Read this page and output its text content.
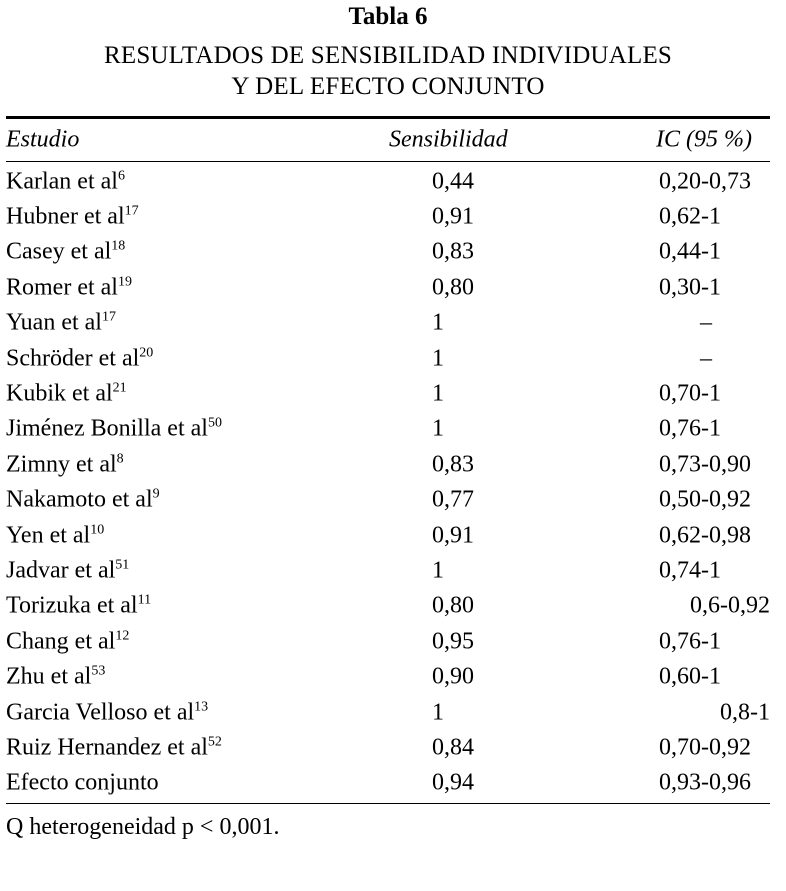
Tabla 6
RESULTADOS DE SENSIBILIDAD INDIVIDUALES
Y DEL EFECTO CONJUNTO
Estudio	Sensibilidad	IC (95 %)
Karlan et $al^6$	0,44	0,20-0,73
Hubner et $al^{17}$	0,91	0,62-1
Casey et $al^{18}$	0,83	0,44-1
Romer et $al^{19}$	0,80	0,30-1
Yuan et $al^{17}$	1	–
Schröder et $al^{20}$	1	–
Kubik et $al^{21}$	1	0,70-1
Jiménez Bonilla et $al^{50}$	1	0,76-1
Zimny et $al^8$	0,83	0,73-0,90
Nakamoto et $al^9$	0,77	0,50-0,92
Yen et $al^{10}$	0,91	0,62-0,98
Jadvar et $al^{51}$	1	0,74-1
Torizuka et $al^{11}$	0,80	0,6-0,92
Chang et $al^{12}$	0,95	0,76-1
Zhu et $al^{53}$	0,90	0,60-1
Garcia Velloso et $al^{13}$	1	0,8-1
Ruiz Hernandez et $al^{52}$	0,84	0,70-0,92
Efecto conjunto	0,94	0,93-0,96
Q heterogeneidad p < 0,001.
